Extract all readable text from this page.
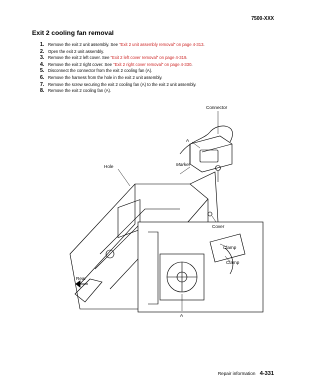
7500-XXX
Exit 2 cooling fan removal
1. Remove the exit 2 unit assembly. See “Exit 2 unit assembly removal” on page 4-313.
2. Open the exit 2 unit assembly.
3. Remove the exit 2 left cover. See “Exit 2 left cover removal” on page 4-319.
4. Remove the exit 2 right cover. See “Exit 2 right cover removal” on page 4-330.
5. Disconnect the connector from the exit 2 cooling fan (A).
6. Remove the harness from the hole in the exit 2 unit assembly.
7. Remove the screw securing the exit 2 cooling fan (A) to the exit 2 unit assembly.
8. Remove the exit 2 cooling fan (A).
Connector
A
Marker
Hole
Cover
Clamp
Clamp
Rear
A
Repair information 4-331
